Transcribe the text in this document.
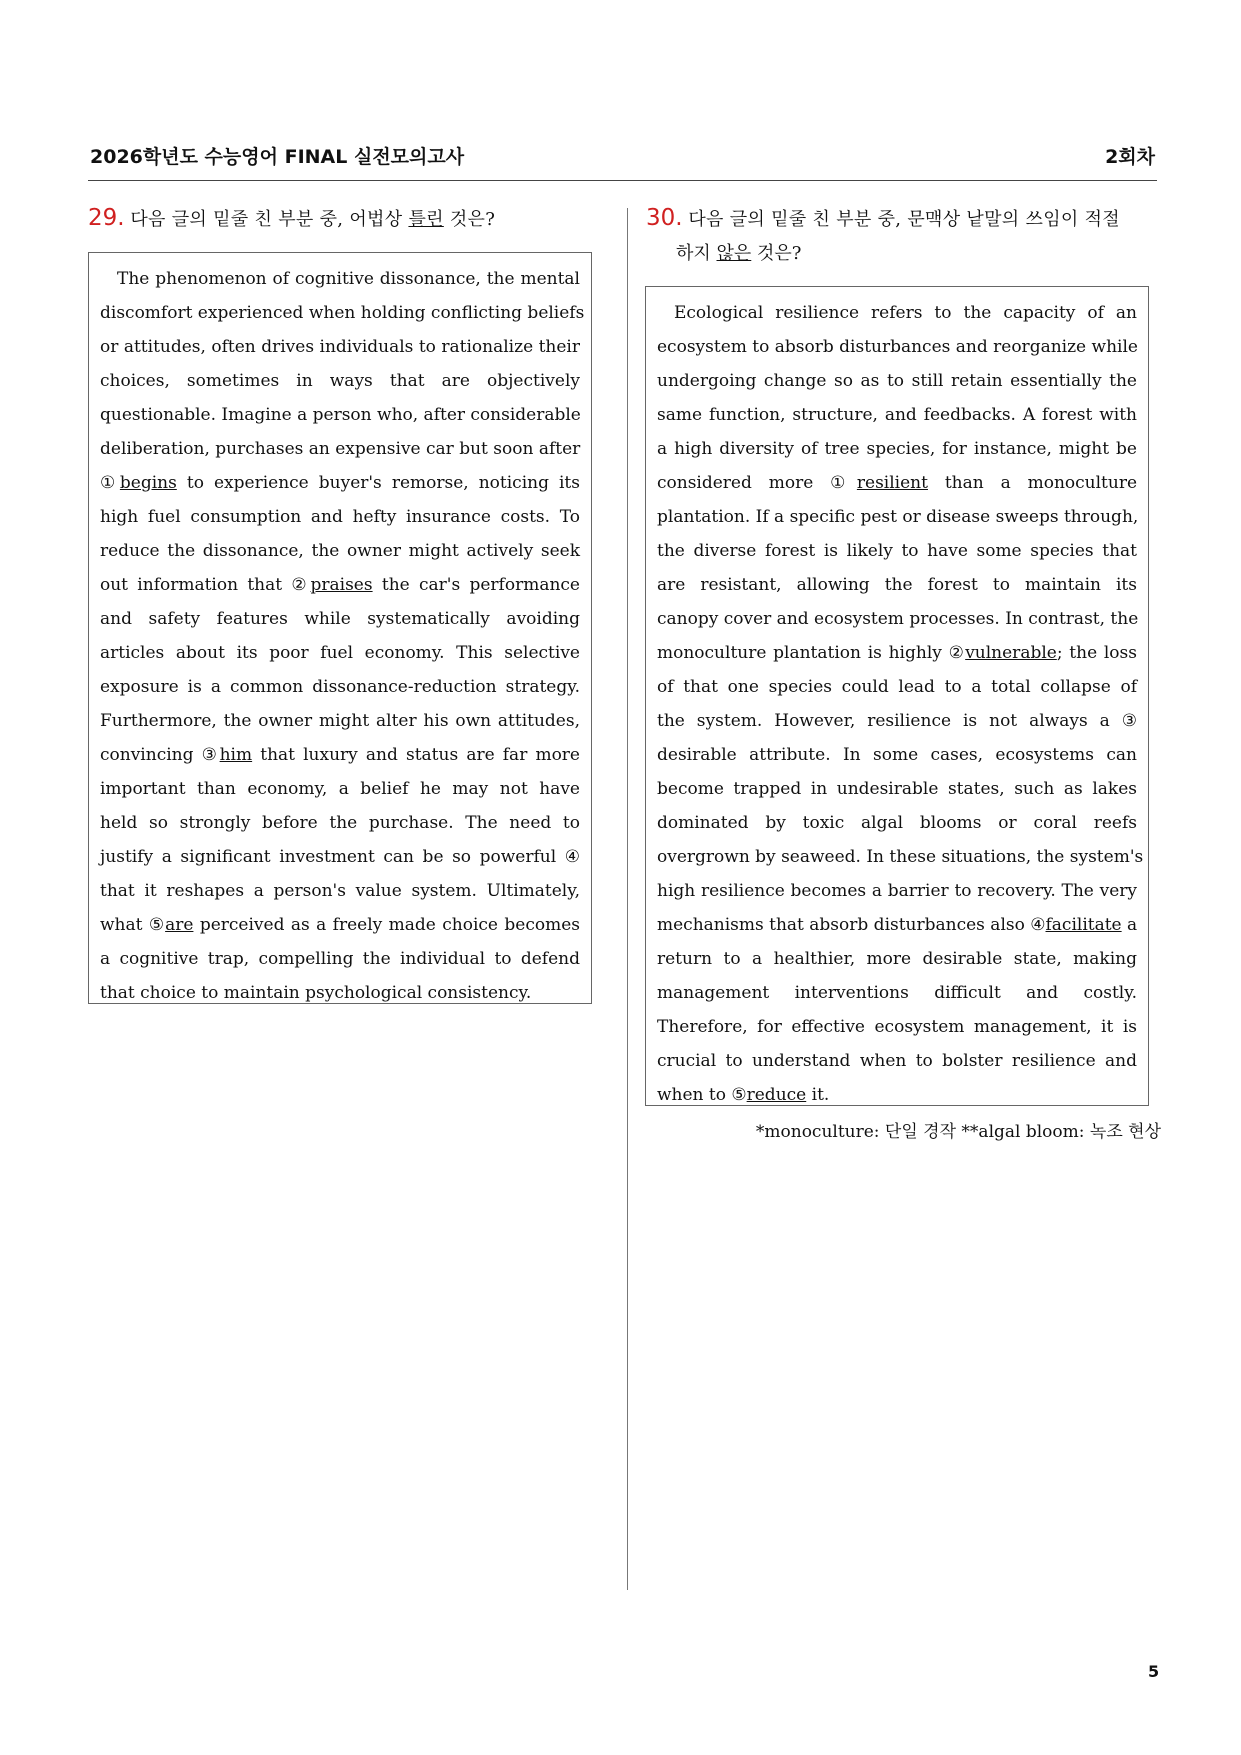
2026학년도 수능영어 FINAL 실전모의고사	2회차
29. 다음 글의 밑줄 친 부분 중, 어법상 틀린 것은?
The phenomenon of cognitive dissonance, the mental
discomfort experienced when holding conflicting beliefs
or attitudes, often drives individuals to rationalize their
choices, sometimes in ways that are objectively
questionable. Imagine a person who, after considerable
deliberation, purchases an expensive car but soon after
①begins to experience buyer's remorse, noticing its
high fuel consumption and hefty insurance costs. To
reduce the dissonance, the owner might actively seek
out information that ②praises the car's performance
and safety features while systematically avoiding
articles about its poor fuel economy. This selective
exposure is a common dissonance-reduction strategy.
Furthermore, the owner might alter his own attitudes,
convincing ③him that luxury and status are far more
important than economy, a belief he may not have
held so strongly before the purchase. The need to
justify a significant investment can be so powerful ④
that it reshapes a person's value system. Ultimately,
what ⑤are perceived as a freely made choice becomes
a cognitive trap, compelling the individual to defend
that choice to maintain psychological consistency.
30. 다음 글의 밑줄 친 부분 중, 문맥상 낱말의 쓰임이 적절
하지 않은 것은?
Ecological resilience refers to the capacity of an
ecosystem to absorb disturbances and reorganize while
undergoing change so as to still retain essentially the
same function, structure, and feedbacks. A forest with
a high diversity of tree species, for instance, might be
considered more ①resilient than a monoculture
plantation. If a specific pest or disease sweeps through,
the diverse forest is likely to have some species that
are resistant, allowing the forest to maintain its
canopy cover and ecosystem processes. In contrast, the
monoculture plantation is highly ②vulnerable; the loss
of that one species could lead to a total collapse of
the system. However, resilience is not always a ③
desirable attribute. In some cases, ecosystems can
become trapped in undesirable states, such as lakes
dominated by toxic algal blooms or coral reefs
overgrown by seaweed. In these situations, the system's
high resilience becomes a barrier to recovery. The very
mechanisms that absorb disturbances also ④facilitate a
return to a healthier, more desirable state, making
management interventions difficult and costly.
Therefore, for effective ecosystem management, it is
crucial to understand when to bolster resilience and
when to ⑤reduce it.
*monoculture: 단일 경작 **algal bloom: 녹조 현상
5
